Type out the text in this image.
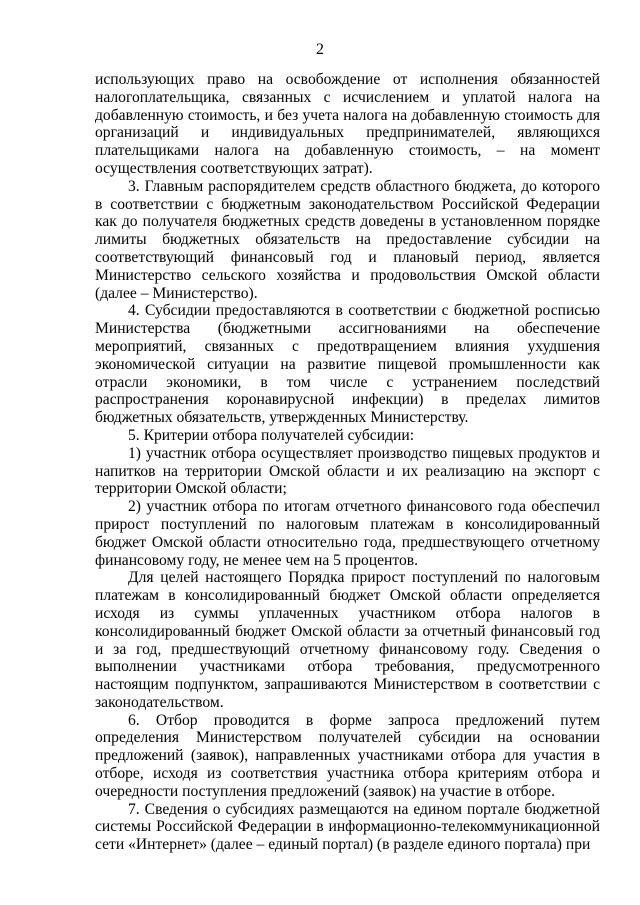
2

использующих право на освобождение от исполнения обязанностей налогоплательщика, связанных с исчислением и уплатой налога на добавленную стоимость, и без учета налога на добавленную стоимость для организаций и индивидуальных предпринимателей, являющихся плательщиками налога на добавленную стоимость, – на момент осуществления соответствующих затрат).

3. Главным распорядителем средств областного бюджета, до которого в соответствии с бюджетным законодательством Российской Федерации как до получателя бюджетных средств доведены в установленном порядке лимиты бюджетных обязательств на предоставление субсидии на соответствующий финансовый год и плановый период, является Министерство сельского хозяйства и продовольствия Омской области (далее – Министерство).

4. Субсидии предоставляются в соответствии с бюджетной росписью Министерства (бюджетными ассигнованиями на обеспечение мероприятий, связанных с предотвращением влияния ухудшения экономической ситуации на развитие пищевой промышленности как отрасли экономики, в том числе с устранением последствий распространения коронавирусной инфекции) в пределах лимитов бюджетных обязательств, утвержденных Министерству.

5. Критерии отбора получателей субсидии:

1) участник отбора осуществляет производство пищевых продуктов и напитков на территории Омской области и их реализацию на экспорт с территории Омской области;

2) участник отбора по итогам отчетного финансового года обеспечил прирост поступлений по налоговым платежам в консолидированный бюджет Омской области относительно года, предшествующего отчетному финансовому году, не менее чем на 5 процентов.

Для целей настоящего Порядка прирост поступлений по налоговым платежам в консолидированный бюджет Омской области определяется исходя из суммы уплаченных участником отбора налогов в консолидированный бюджет Омской области за отчетный финансовый год и за год, предшествующий отчетному финансовому году. Сведения о выполнении участниками отбора требования, предусмотренного настоящим подпунктом, запрашиваются Министерством в соответствии с законодательством.

6. Отбор проводится в форме запроса предложений путем определения Министерством получателей субсидии на основании предложений (заявок), направленных участниками отбора для участия в отборе, исходя из соответствия участника отбора критериям отбора и очередности поступления предложений (заявок) на участие в отборе.

7. Сведения о субсидиях размещаются на едином портале бюджетной системы Российской Федерации в информационно-телекоммуникационной сети «Интернет» (далее – единый портал) (в разделе единого портала) при
